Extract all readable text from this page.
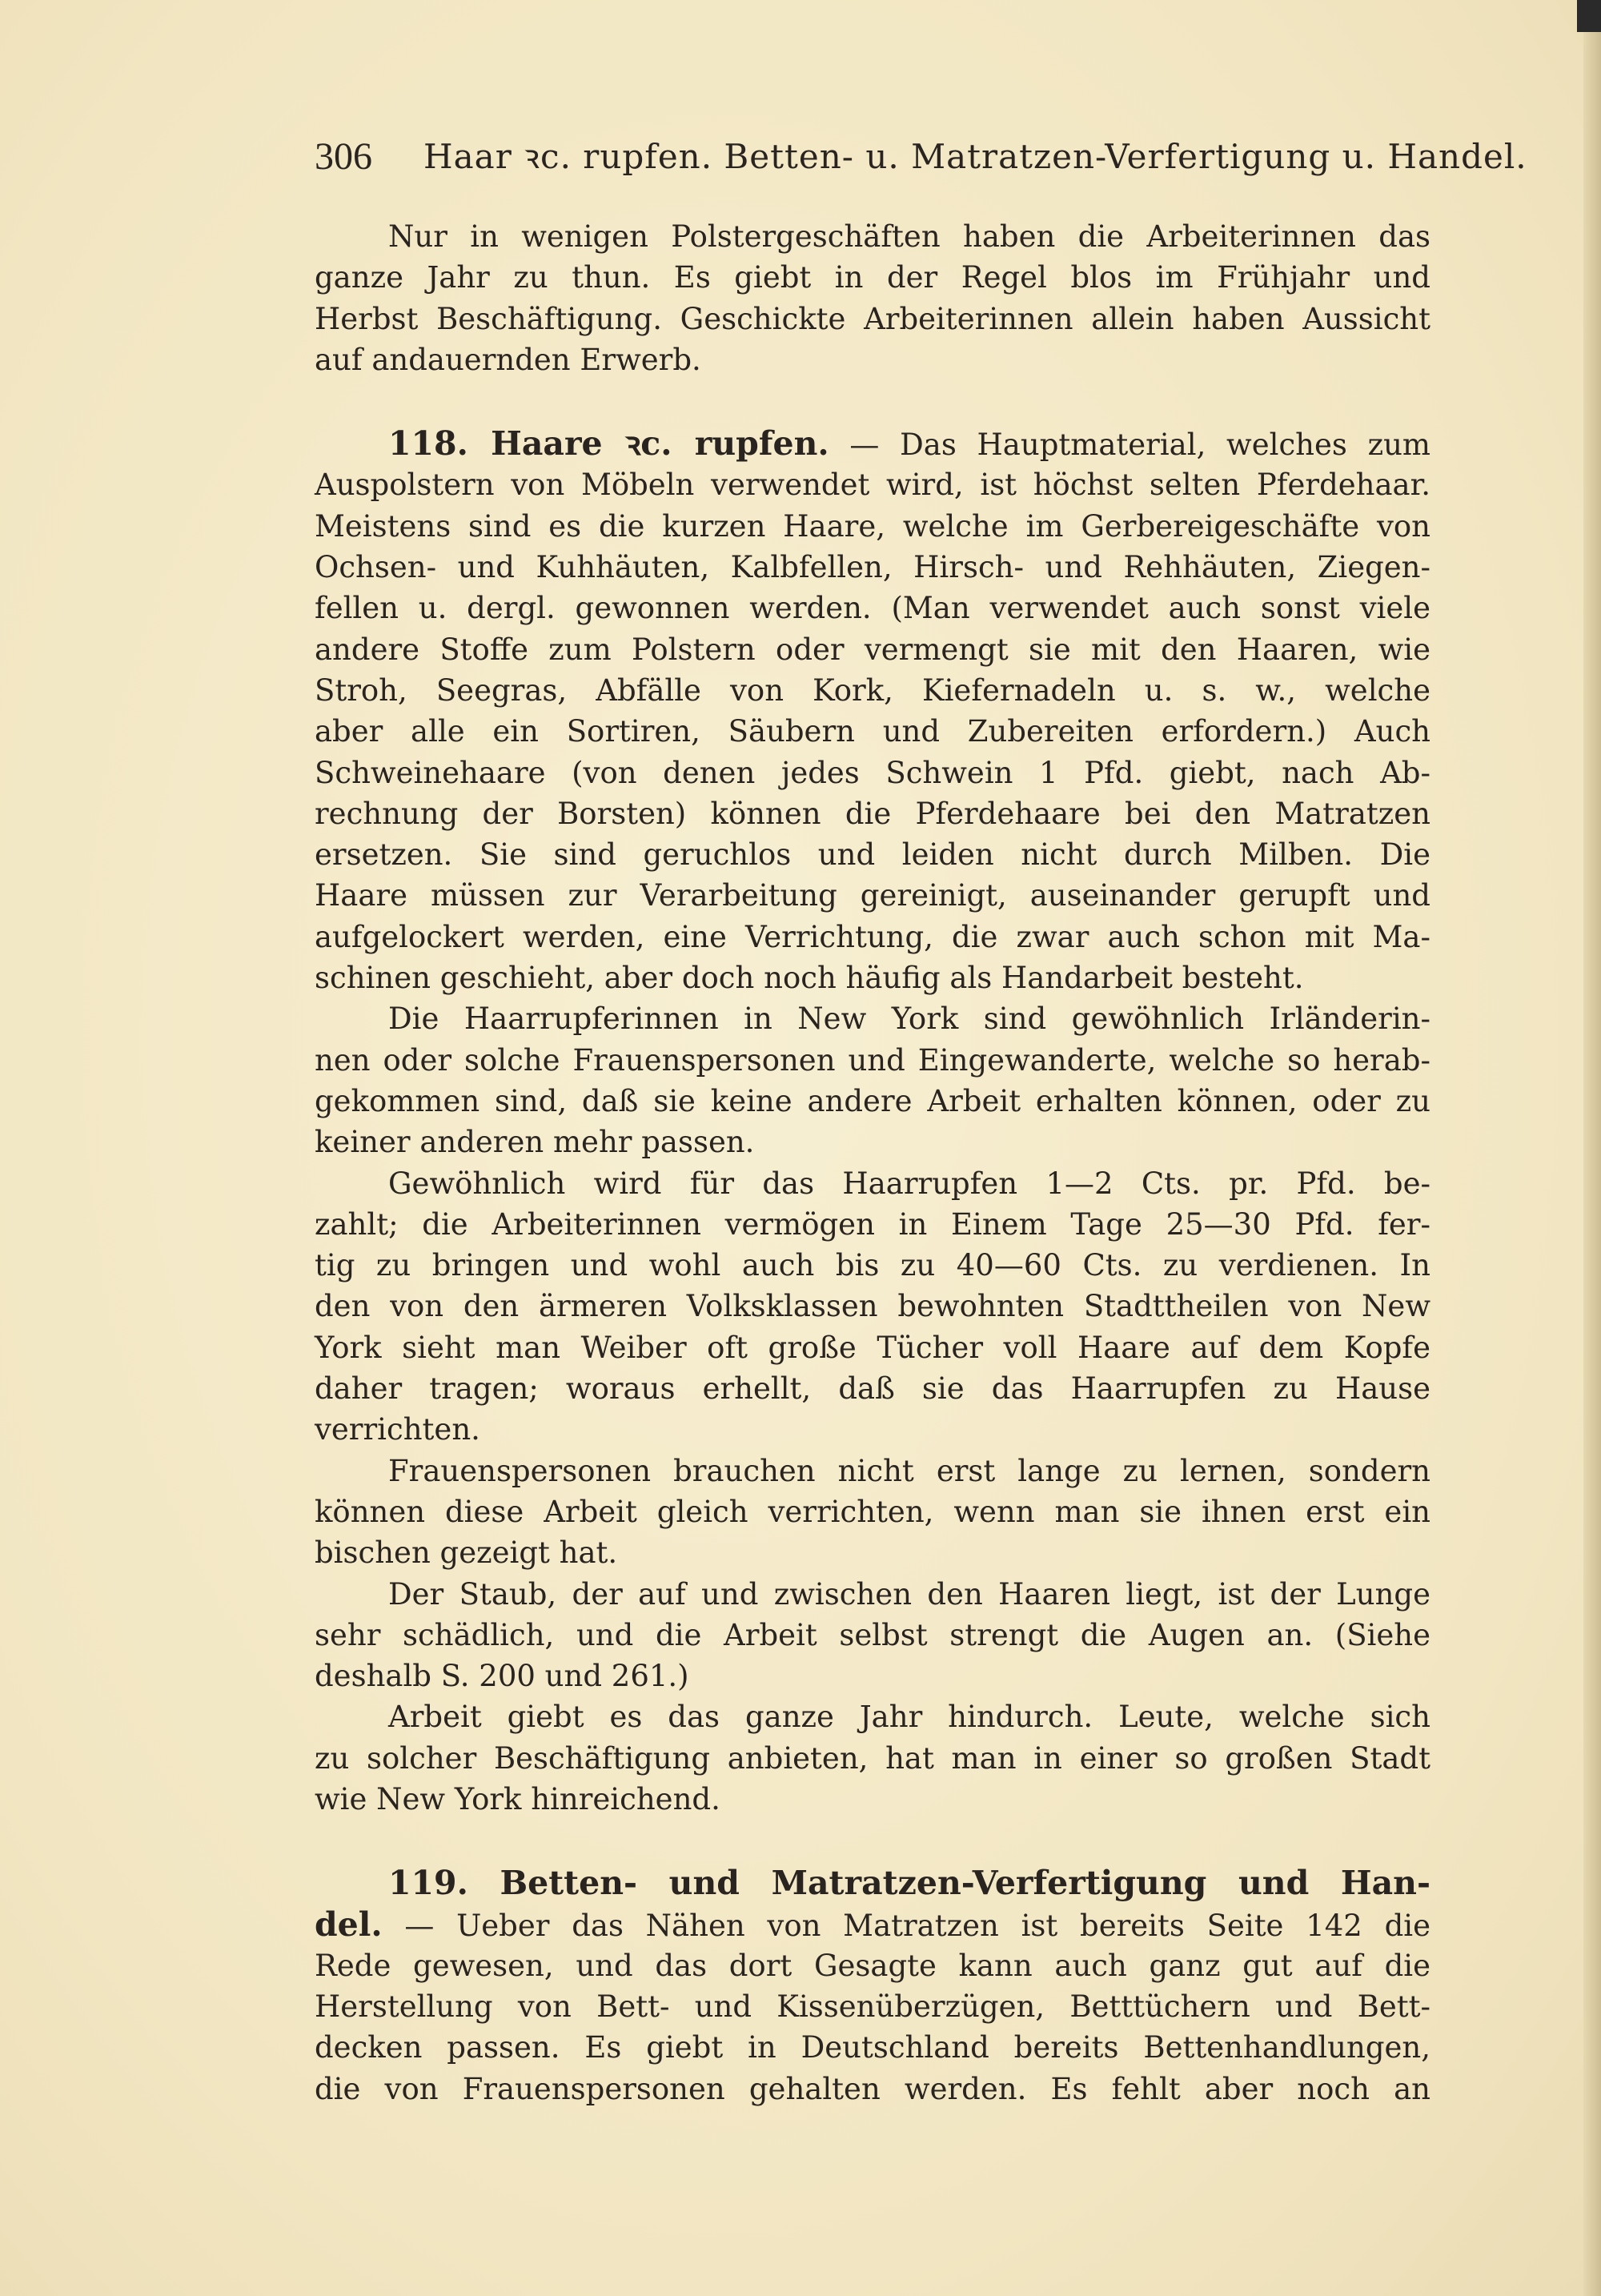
306 Haar ꝛc. rupfen. Betten- u. Matratzen-Verfertigung u. Handel.
Nur in wenigen Polstergeschäften haben die Arbeiterinnen das
ganze Jahr zu thun. Es giebt in der Regel blos im Frühjahr und
Herbst Beschäftigung. Geschickte Arbeiterinnen allein haben Aussicht
auf andauernden Erwerb.
118. Haare ꝛc. rupfen. — Das Hauptmaterial, welches zum
Auspolstern von Möbeln verwendet wird, ist höchst selten Pferdehaar.
Meistens sind es die kurzen Haare, welche im Gerbereigeschäfte von
Ochsen- und Kuhhäuten, Kalbfellen, Hirsch- und Rehhäuten, Ziegen-
fellen u. dergl. gewonnen werden. (Man verwendet auch sonst viele
andere Stoffe zum Polstern oder vermengt sie mit den Haaren, wie
Stroh, Seegras, Abfälle von Kork, Kiefernadeln u. s. w., welche
aber alle ein Sortiren, Säubern und Zubereiten erfordern.) Auch
Schweinehaare (von denen jedes Schwein 1 Pfd. giebt, nach Ab-
rechnung der Borsten) können die Pferdehaare bei den Matratzen
ersetzen. Sie sind geruchlos und leiden nicht durch Milben. Die
Haare müssen zur Verarbeitung gereinigt, auseinander gerupft und
aufgelockert werden, eine Verrichtung, die zwar auch schon mit Ma-
schinen geschieht, aber doch noch häufig als Handarbeit besteht.
Die Haarrupferinnen in New York sind gewöhnlich Irländerin-
nen oder solche Frauenspersonen und Eingewanderte, welche so herab-
gekommen sind, daß sie keine andere Arbeit erhalten können, oder zu
keiner anderen mehr passen.
Gewöhnlich wird für das Haarrupfen 1—2 Cts. pr. Pfd. be-
zahlt; die Arbeiterinnen vermögen in Einem Tage 25—30 Pfd. fer-
tig zu bringen und wohl auch bis zu 40—60 Cts. zu verdienen. In
den von den ärmeren Volksklassen bewohnten Stadttheilen von New
York sieht man Weiber oft große Tücher voll Haare auf dem Kopfe
daher tragen; woraus erhellt, daß sie das Haarrupfen zu Hause
verrichten.
Frauenspersonen brauchen nicht erst lange zu lernen, sondern
können diese Arbeit gleich verrichten, wenn man sie ihnen erst ein
bischen gezeigt hat.
Der Staub, der auf und zwischen den Haaren liegt, ist der Lunge
sehr schädlich, und die Arbeit selbst strengt die Augen an. (Siehe
deshalb S. 200 und 261.)
Arbeit giebt es das ganze Jahr hindurch. Leute, welche sich
zu solcher Beschäftigung anbieten, hat man in einer so großen Stadt
wie New York hinreichend.
119. Betten- und Matratzen-Verfertigung und Han-
del. — Ueber das Nähen von Matratzen ist bereits Seite 142 die
Rede gewesen, und das dort Gesagte kann auch ganz gut auf die
Herstellung von Bett- und Kissenüberzügen, Betttüchern und Bett-
decken passen. Es giebt in Deutschland bereits Bettenhandlungen,
die von Frauenspersonen gehalten werden. Es fehlt aber noch an
